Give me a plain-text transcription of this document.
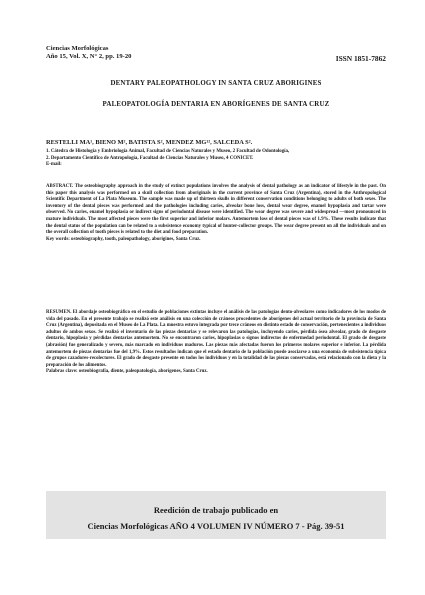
Ciencias Morfológicas
Año 15, Vol. X, N° 2, pp. 19-20	ISSN 1851-7862
DENTARY PALEOPATHOLOGY IN SANTA CRUZ ABORIGINES
PALEOPATOLOGÍA DENTARIA EN ABORÍGENES DE SANTA CRUZ
RESTELLI MA¹, BIENO M², BATISTA S², MENDEZ MG¹², SALCEDA S².
1. Cátedra de Histología y Embriología Animal, Facultad de Ciencias Naturales y Museo, 2 Facultad de Odontología,
2. Departamento Científico de Antropología, Facultad de Ciencias Naturales y Museo, 4 CONICET.
E-mail:
ABSTRACT. The osteobiography approach in the study of extinct populations involves the analysis of dental pathology as an indicator of lifestyle in the past. On this paper this analysis was performed on a skull collection from aboriginals in the current province of Santa Cruz (Argentina), stored in the Anthropological Scientific Department of La Plata Museum. The sample was made up of thirteen skulls in different conservation conditions belonging to adults of both sexes. The inventory of the dental pieces was performed and the pathologies including caries, alveolar bone loss, dental wear degree, enamel hypoplasia and tartar were observed. No caries, enamel hypoplasia or indirect signs of periodontal disease were identified. The wear degree was severe and widespread —most pronounced in mature individuals. The most affected pieces were the first superior and inferior molars. Antemortem loss of dental pieces was of 1.9%. These results indicate that the dental status of the population can be related to a subsistence economy typical of hunter-collector groups. The wear degree present on all the individuals and on the overall collection of tooth pieces is related to the diet and food preparation.
Key words: osteobiography, tooth, paleopathology, aborigines, Santa Cruz.
RESUMEN. El abordaje osteobiográfico en el estudio de poblaciones extintas incluye el análisis de las patologías dento-alveolares como indicadores de los modos de vida del pasado. En el presente trabajo se realizó este análisis en una colección de cráneos procedentes de aborígenes del actual territorio de la provincia de Santa Cruz (Argentina), depositada en el Museo de La Plata. La muestra estuvo integrada por trece cráneos en distinto estado de conservación, pertenecientes a individuos adultos de ambos sexos. Se realizó el inventario de las piezas dentarias y se relevaron las patologías, incluyendo caries, pérdida ósea alveolar, grado de desgaste dentario, hipoplasia y pérdidas dentarias antemortem. No se encontraron caries, hipoplasias o signos indirectos de enfermedad periodontal. El grado de desgaste (abrasión) fue generalizado y severo, más marcado en individuos maduros. Las piezas más afectadas fueron los primeros molares superior e inferior. La pérdida antemortem de piezas dentarias fue del 1,9%. Estos resultados indican que el estado dentario de la población puede asociarse a una economía de subsistencia típica de grupos cazadores-recolectores. El grado de desgaste presente en todos los individuos y en la totalidad de las piezas conservadas, está relacionado con la dieta y la preparación de los alimentos.
Palabras clave: osteobiografía, diente, paleopatología, aborígenes, Santa Cruz.
Reedición de trabajo publicado en
Ciencias Morfológicas AÑO 4 VOLUMEN IV NÚMERO 7 - Pág. 39-51
